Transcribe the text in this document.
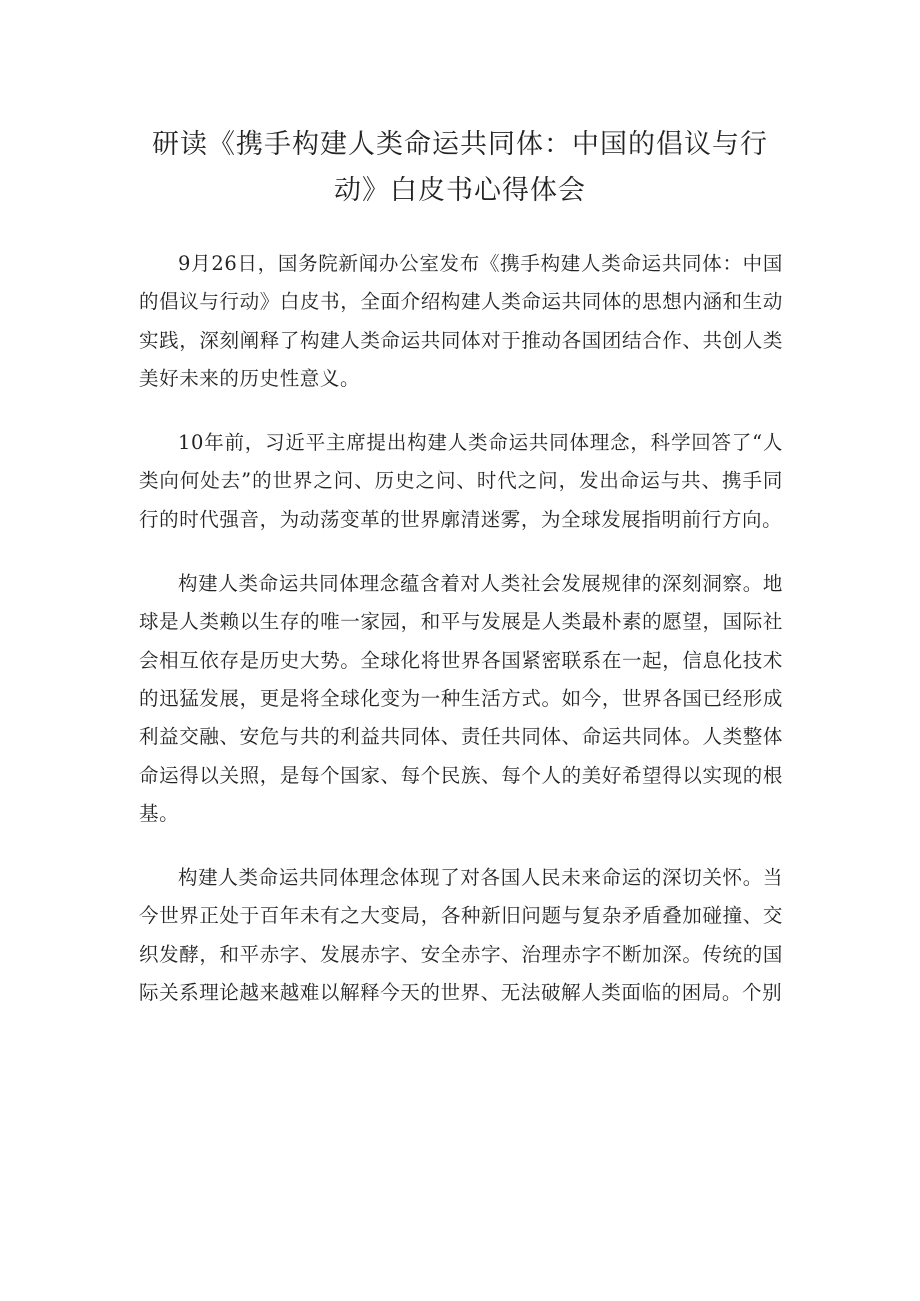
研读《携手构建人类命运共同体：中国的倡议与行动》白皮书心得体会

9月26日，国务院新闻办公室发布《携手构建人类命运共同体：中国的倡议与行动》白皮书，全面介绍构建人类命运共同体的思想内涵和生动实践，深刻阐释了构建人类命运共同体对于推动各国团结合作、共创人类美好未来的历史性意义。

10年前，习近平主席提出构建人类命运共同体理念，科学回答了“人类向何处去”的世界之问、历史之问、时代之问，发出命运与共、携手同行的时代强音，为动荡变革的世界廓清迷雾，为全球发展指明前行方向。

构建人类命运共同体理念蕴含着对人类社会发展规律的深刻洞察。地球是人类赖以生存的唯一家园，和平与发展是人类最朴素的愿望，国际社会相互依存是历史大势。全球化将世界各国紧密联系在一起，信息化技术的迅猛发展，更是将全球化变为一种生活方式。如今，世界各国已经形成利益交融、安危与共的利益共同体、责任共同体、命运共同体。人类整体命运得以关照，是每个国家、每个民族、每个人的美好希望得以实现的根基。

构建人类命运共同体理念体现了对各国人民未来命运的深切关怀。当今世界正处于百年未有之大变局，各种新旧问题与复杂矛盾叠加碰撞、交织发酵，和平赤字、发展赤字、安全赤字、治理赤字不断加深。传统的国际关系理论越来越难以解释今天的世界、无法破解人类面临的困局。个别
